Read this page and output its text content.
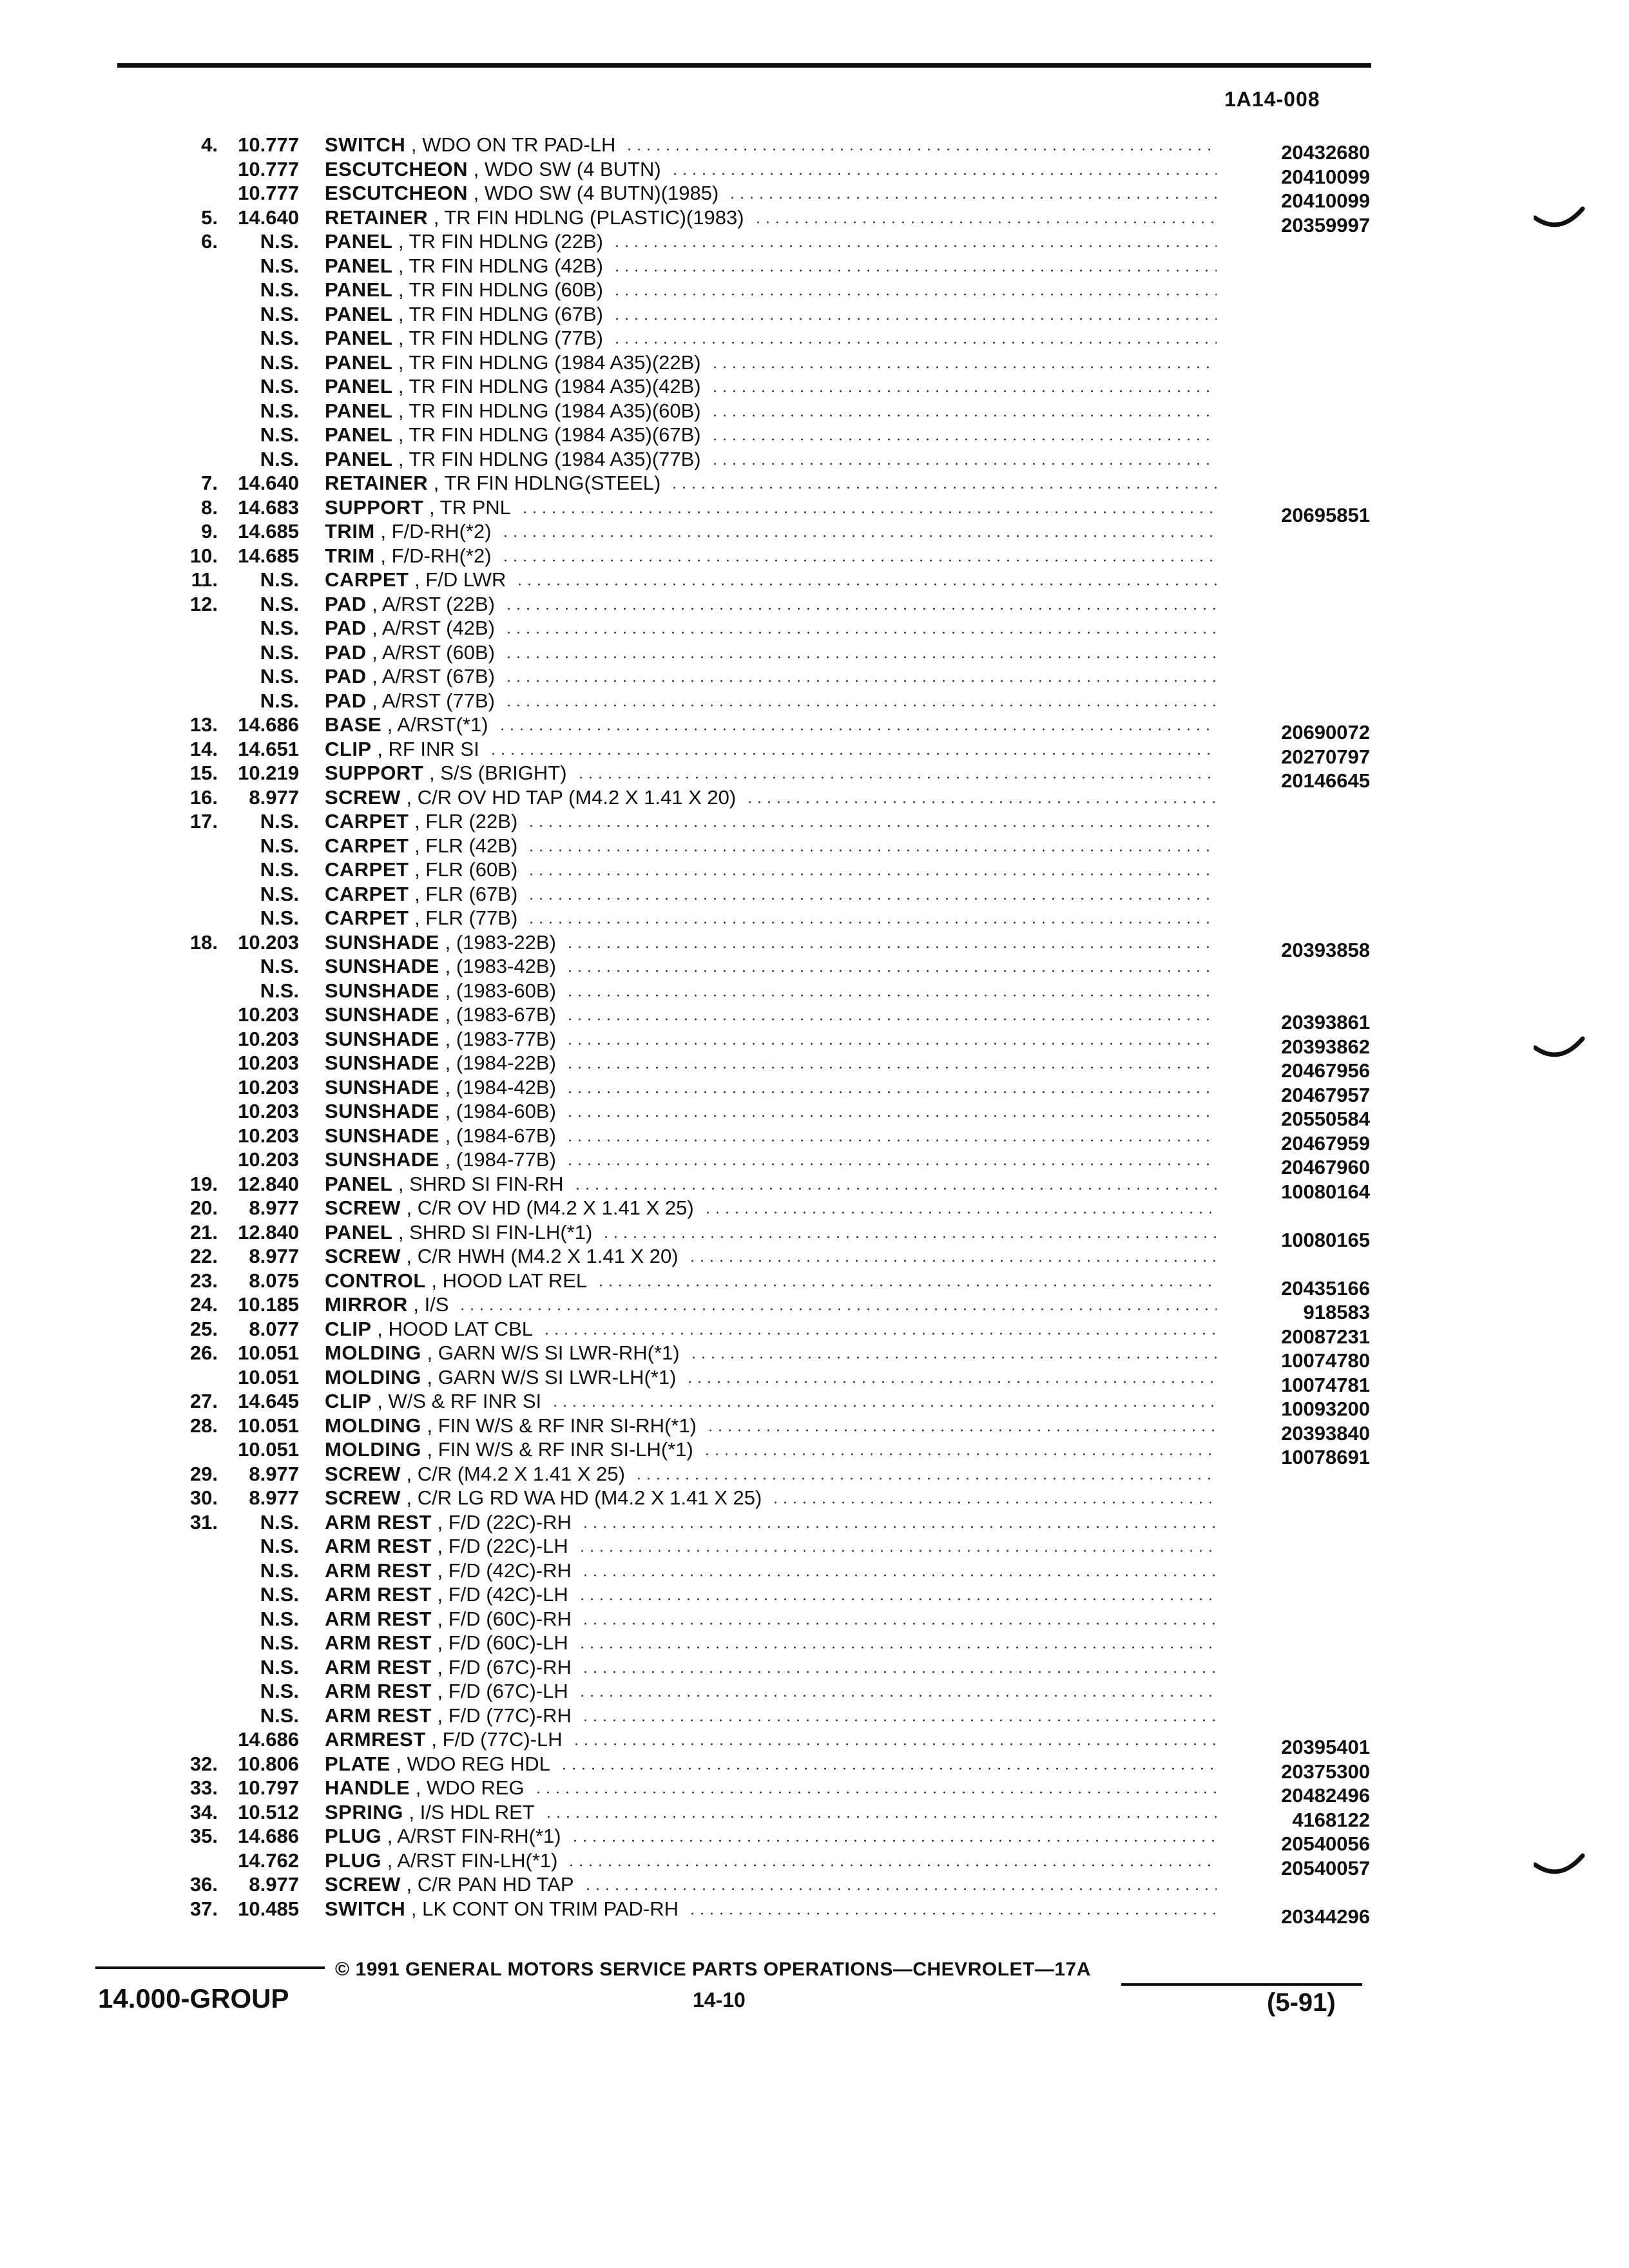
1A14-008
4.	10.777 SWITCH , WDO ON TR PAD-LH	20432680
10.777 ESCUTCHEON , WDO SW (4 BUTN)	20410099
10.777 ESCUTCHEON , WDO SW (4 BUTN)(1985)	20410099
5.	14.640 RETAINER , TR FIN HDLNG (PLASTIC)(1983)	20359997
6.	N.S. PANEL , TR FIN HDLNG (22B)
N.S. PANEL , TR FIN HDLNG (42B)
N.S. PANEL , TR FIN HDLNG (60B)
N.S. PANEL , TR FIN HDLNG (67B)
N.S. PANEL , TR FIN HDLNG (77B)
N.S. PANEL , TR FIN HDLNG (1984 A35)(22B)
N.S. PANEL , TR FIN HDLNG (1984 A35)(42B)
N.S. PANEL , TR FIN HDLNG (1984 A35)(60B)
N.S. PANEL , TR FIN HDLNG (1984 A35)(67B)
N.S. PANEL , TR FIN HDLNG (1984 A35)(77B)
7.	14.640 RETAINER , TR FIN HDLNG(STEEL)
8.	14.683 SUPPORT , TR PNL	20695851
9.	14.685 TRIM , F/D-RH(*2)
10.	14.685 TRIM , F/D-RH(*2)
11.	N.S. CARPET , F/D LWR
12.	N.S. PAD , A/RST (22B)
N.S. PAD , A/RST (42B)
N.S. PAD , A/RST (60B)
N.S. PAD , A/RST (67B)
N.S. PAD , A/RST (77B)
13.	14.686 BASE , A/RST(*1)	20690072
14.	14.651 CLIP , RF INR SI	20270797
15.	10.219 SUPPORT , S/S (BRIGHT)	20146645
16.	8.977 SCREW , C/R OV HD TAP (M4.2 X 1.41 X 20)
17.	N.S. CARPET , FLR (22B)
N.S. CARPET , FLR (42B)
N.S. CARPET , FLR (60B)
N.S. CARPET , FLR (67B)
N.S. CARPET , FLR (77B)
18.	10.203 SUNSHADE , (1983-22B)	20393858
N.S. SUNSHADE , (1983-42B)
N.S. SUNSHADE , (1983-60B)
10.203 SUNSHADE , (1983-67B)	20393861
10.203 SUNSHADE , (1983-77B)	20393862
10.203 SUNSHADE , (1984-22B)	20467956
10.203 SUNSHADE , (1984-42B)	20467957
10.203 SUNSHADE , (1984-60B)	20550584
10.203 SUNSHADE , (1984-67B)	20467959
10.203 SUNSHADE , (1984-77B)	20467960
19.	12.840 PANEL , SHRD SI FIN-RH	10080164
20.	8.977 SCREW , C/R OV HD (M4.2 X 1.41 X 25)
21.	12.840 PANEL , SHRD SI FIN-LH(*1)	10080165
22.	8.977 SCREW , C/R HWH (M4.2 X 1.41 X 20)
23.	8.075 CONTROL , HOOD LAT REL	20435166
24.	10.185 MIRROR , I/S	918583
25.	8.077 CLIP , HOOD LAT CBL	20087231
26.	10.051 MOLDING , GARN W/S SI LWR-RH(*1)	10074780
10.051 MOLDING , GARN W/S SI LWR-LH(*1)	10074781
27.	14.645 CLIP , W/S & RF INR SI	10093200
28.	10.051 MOLDING , FIN W/S & RF INR SI-RH(*1)	20393840
10.051 MOLDING , FIN W/S & RF INR SI-LH(*1)	10078691
29.	8.977 SCREW , C/R (M4.2 X 1.41 X 25)
30.	8.977 SCREW , C/R LG RD WA HD (M4.2 X 1.41 X 25)
31.	N.S. ARM REST , F/D (22C)-RH
N.S. ARM REST , F/D (22C)-LH
N.S. ARM REST , F/D (42C)-RH
N.S. ARM REST , F/D (42C)-LH
N.S. ARM REST , F/D (60C)-RH
N.S. ARM REST , F/D (60C)-LH
N.S. ARM REST , F/D (67C)-RH
N.S. ARM REST , F/D (67C)-LH
N.S. ARM REST , F/D (77C)-RH
14.686 ARMREST , F/D (77C)-LH	20395401
32.	10.806 PLATE , WDO REG HDL	20375300
33.	10.797 HANDLE , WDO REG	20482496
34.	10.512 SPRING , I/S HDL RET	4168122
35.	14.686 PLUG , A/RST FIN-RH(*1)	20540056
14.762 PLUG , A/RST FIN-LH(*1)	20540057
36.	8.977 SCREW , C/R PAN HD TAP
37.	10.485 SWITCH , LK CONT ON TRIM PAD-RH	20344296
© 1991 GENERAL MOTORS SERVICE PARTS OPERATIONS—CHEVROLET—17A
14.000-GROUP	14-10	(5-91)
